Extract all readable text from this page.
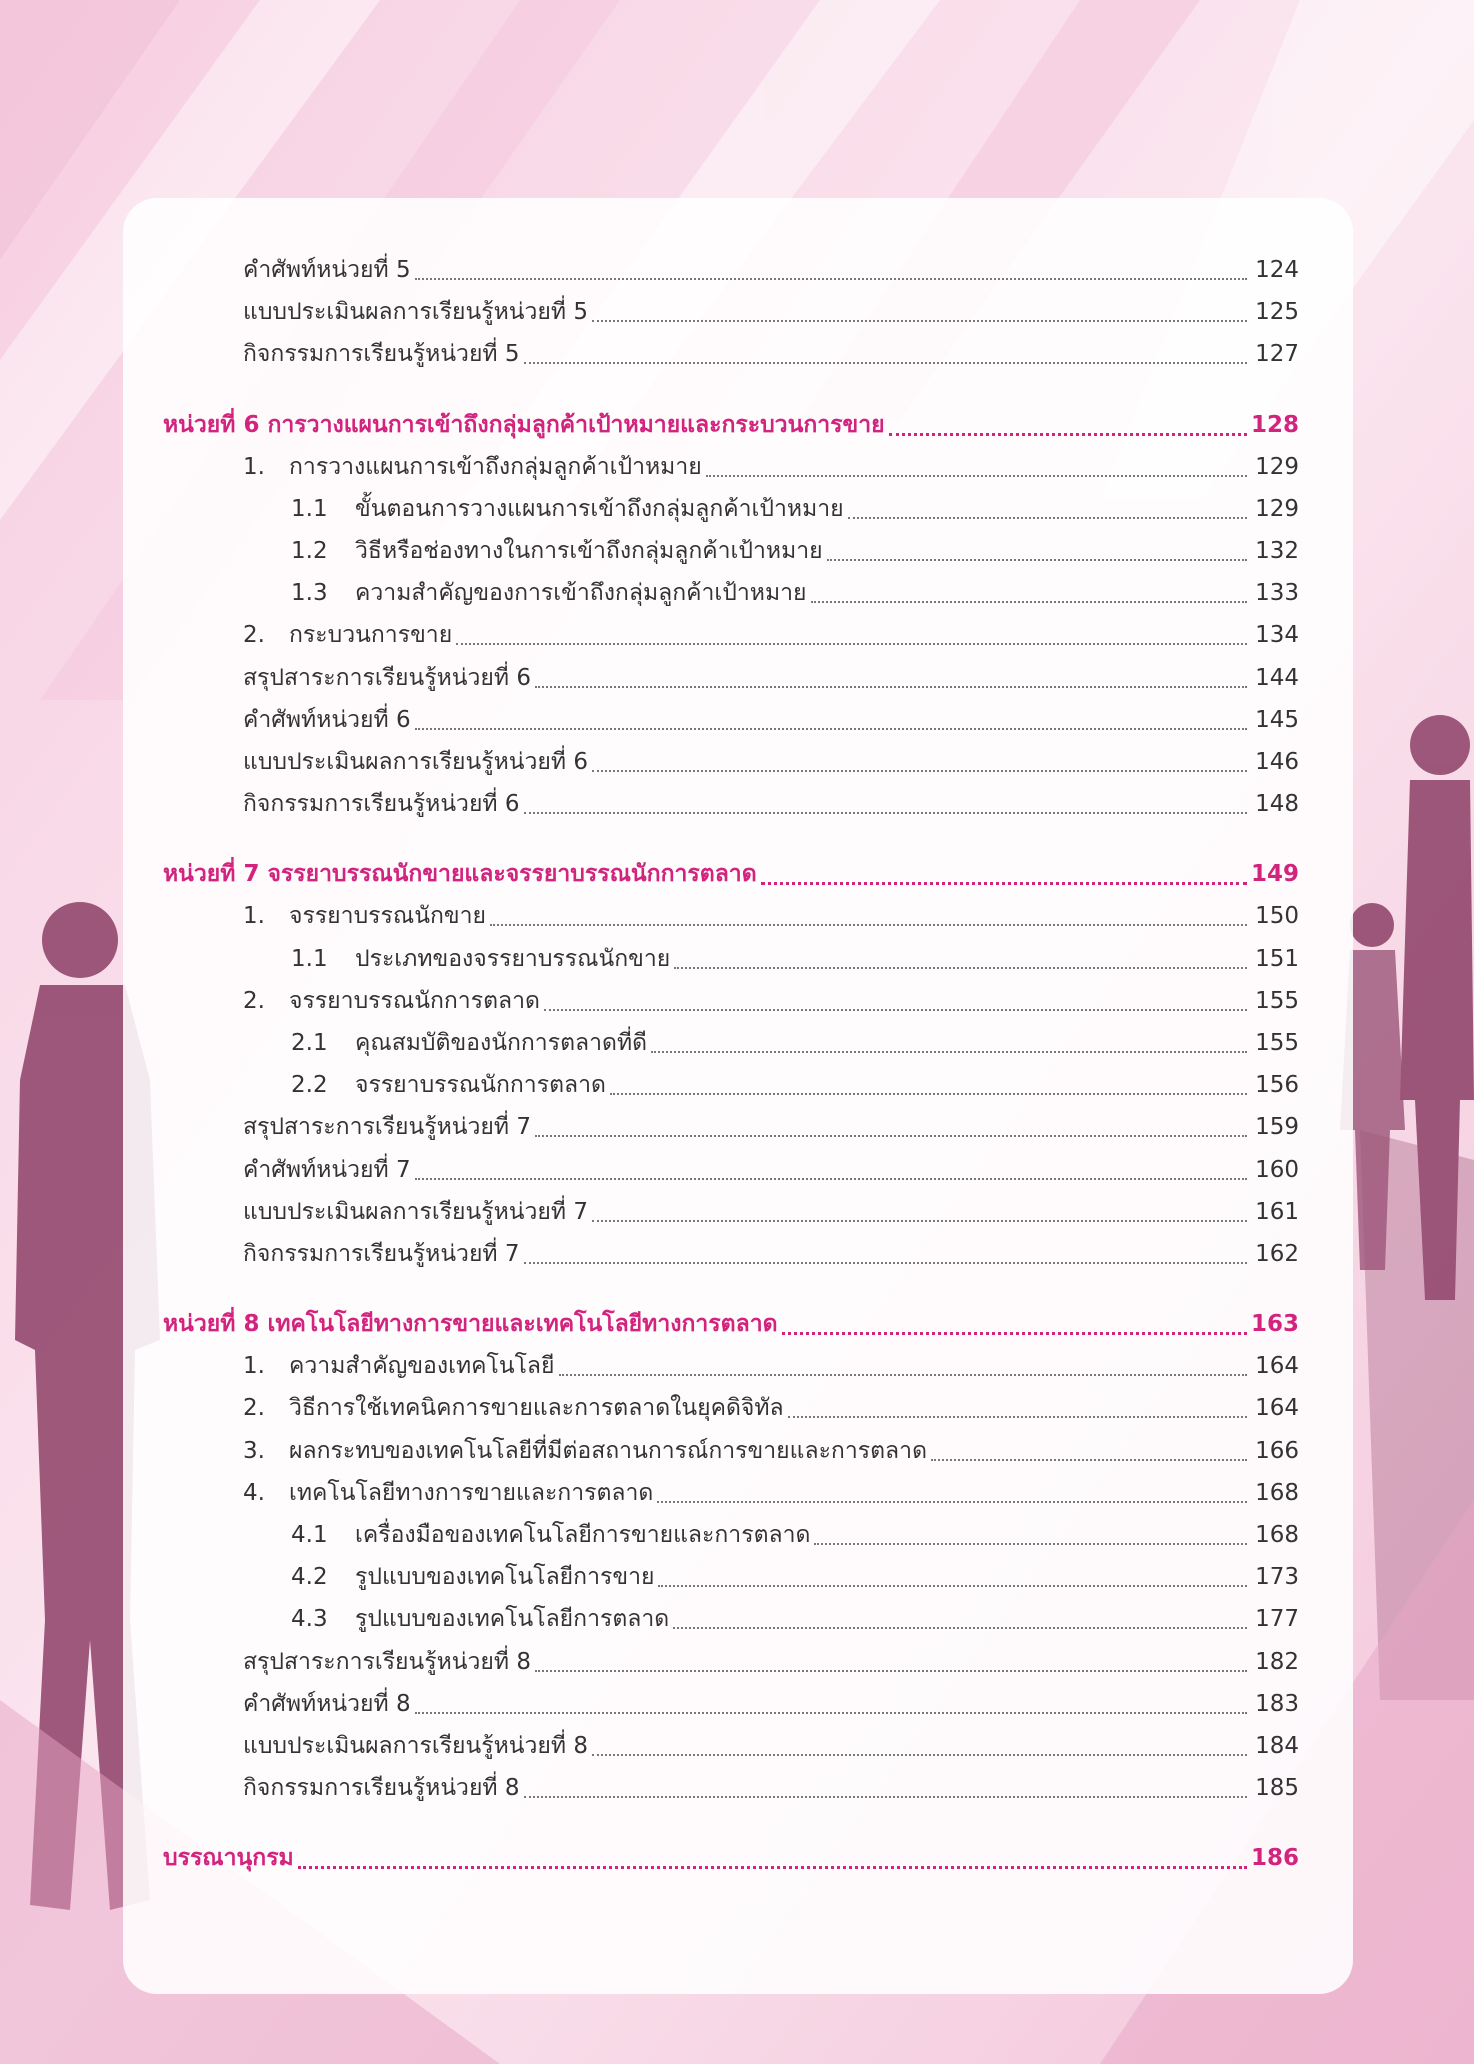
คำศัพท์หน่วยที่ 5	124
แบบประเมินผลการเรียนรู้หน่วยที่ 5	125
กิจกรรมการเรียนรู้หน่วยที่ 5	127
หน่วยที่ 6 การวางแผนการเข้าถึงกลุ่มลูกค้าเป้าหมายและกระบวนการขาย	128
1.	การวางแผนการเข้าถึงกลุ่มลูกค้าเป้าหมาย	129
1.1	ขั้นตอนการวางแผนการเข้าถึงกลุ่มลูกค้าเป้าหมาย	129
1.2	วิธีหรือช่องทางในการเข้าถึงกลุ่มลูกค้าเป้าหมาย	132
1.3	ความสำคัญของการเข้าถึงกลุ่มลูกค้าเป้าหมาย	133
2.	กระบวนการขาย	134
สรุปสาระการเรียนรู้หน่วยที่ 6	144
คำศัพท์หน่วยที่ 6	145
แบบประเมินผลการเรียนรู้หน่วยที่ 6	146
กิจกรรมการเรียนรู้หน่วยที่ 6	148
หน่วยที่ 7 จรรยาบรรณนักขายและจรรยาบรรณนักการตลาด	149
1.	จรรยาบรรณนักขาย	150
1.1	ประเภทของจรรยาบรรณนักขาย	151
2.	จรรยาบรรณนักการตลาด	155
2.1	คุณสมบัติของนักการตลาดที่ดี	155
2.2	จรรยาบรรณนักการตลาด	156
สรุปสาระการเรียนรู้หน่วยที่ 7	159
คำศัพท์หน่วยที่ 7	160
แบบประเมินผลการเรียนรู้หน่วยที่ 7	161
กิจกรรมการเรียนรู้หน่วยที่ 7	162
หน่วยที่ 8 เทคโนโลยีทางการขายและเทคโนโลยีทางการตลาด	163
1.	ความสำคัญของเทคโนโลยี	164
2.	วิธีการใช้เทคนิคการขายและการตลาดในยุคดิจิทัล	164
3.	ผลกระทบของเทคโนโลยีที่มีต่อสถานการณ์การขายและการตลาด	166
4.	เทคโนโลยีทางการขายและการตลาด	168
4.1	เครื่องมือของเทคโนโลยีการขายและการตลาด	168
4.2	รูปแบบของเทคโนโลยีการขาย	173
4.3	รูปแบบของเทคโนโลยีการตลาด	177
สรุปสาระการเรียนรู้หน่วยที่ 8	182
คำศัพท์หน่วยที่ 8	183
แบบประเมินผลการเรียนรู้หน่วยที่ 8	184
กิจกรรมการเรียนรู้หน่วยที่ 8	185
บรรณานุกรม	186
